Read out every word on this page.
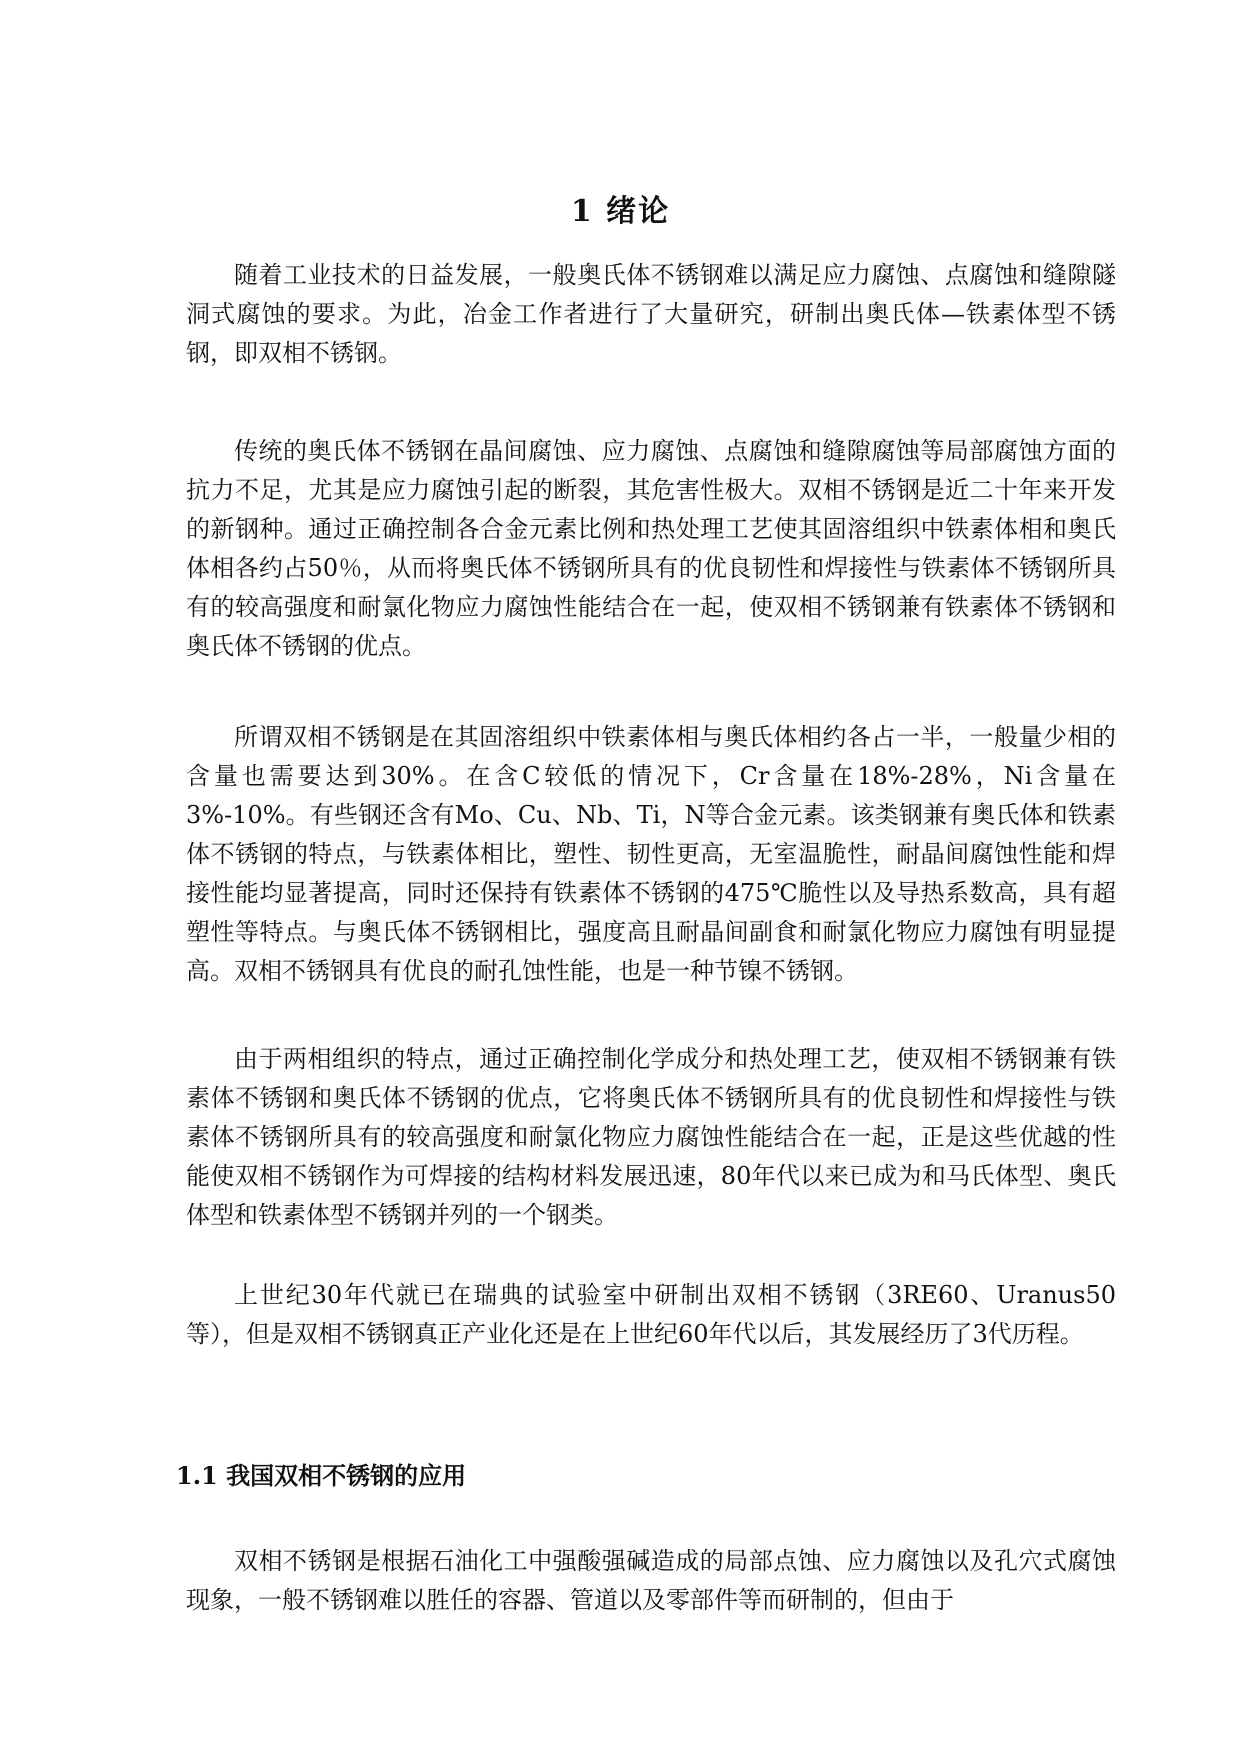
1 绪论

随着工业技术的日益发展，一般奥氏体不锈钢难以满足应力腐蚀、点腐蚀和缝隙隧洞式腐蚀的要求。为此，冶金工作者进行了大量研究，研制出奥氏体—铁素体型不锈钢，即双相不锈钢。

传统的奥氏体不锈钢在晶间腐蚀、应力腐蚀、点腐蚀和缝隙腐蚀等局部腐蚀方面的抗力不足，尤其是应力腐蚀引起的断裂，其危害性极大。双相不锈钢是近二十年来开发的新钢种。通过正确控制各合金元素比例和热处理工艺使其固溶组织中铁素体相和奥氏体相各约占50％，从而将奥氏体不锈钢所具有的优良韧性和焊接性与铁素体不锈钢所具有的较高强度和耐氯化物应力腐蚀性能结合在一起，使双相不锈钢兼有铁素体不锈钢和奥氏体不锈钢的优点。

所谓双相不锈钢是在其固溶组织中铁素体相与奥氏体相约各占一半，一般量少相的含量也需要达到30%。在含C较低的情况下，Cr含量在18%-28%，Ni含量在3%-10%。有些钢还含有Mo、Cu、Nb、Ti，N等合金元素。该类钢兼有奥氏体和铁素体不锈钢的特点，与铁素体相比，塑性、韧性更高，无室温脆性，耐晶间腐蚀性能和焊接性能均显著提高，同时还保持有铁素体不锈钢的475℃脆性以及导热系数高，具有超塑性等特点。与奥氏体不锈钢相比，强度高且耐晶间副食和耐氯化物应力腐蚀有明显提高。双相不锈钢具有优良的耐孔蚀性能，也是一种节镍不锈钢。

由于两相组织的特点，通过正确控制化学成分和热处理工艺，使双相不锈钢兼有铁素体不锈钢和奥氏体不锈钢的优点，它将奥氏体不锈钢所具有的优良韧性和焊接性与铁素体不锈钢所具有的较高强度和耐氯化物应力腐蚀性能结合在一起，正是这些优越的性能使双相不锈钢作为可焊接的结构材料发展迅速，80年代以来已成为和马氏体型、奥氏体型和铁素体型不锈钢并列的一个钢类。

上世纪30年代就已在瑞典的试验室中研制出双相不锈钢（3RE60、Uranus50等），但是双相不锈钢真正产业化还是在上世纪60年代以后，其发展经历了3代历程。

1.1 我国双相不锈钢的应用

双相不锈钢是根据石油化工中强酸强碱造成的局部点蚀、应力腐蚀以及孔穴式腐蚀现象，一般不锈钢难以胜任的容器、管道以及零部件等而研制的，但由于
